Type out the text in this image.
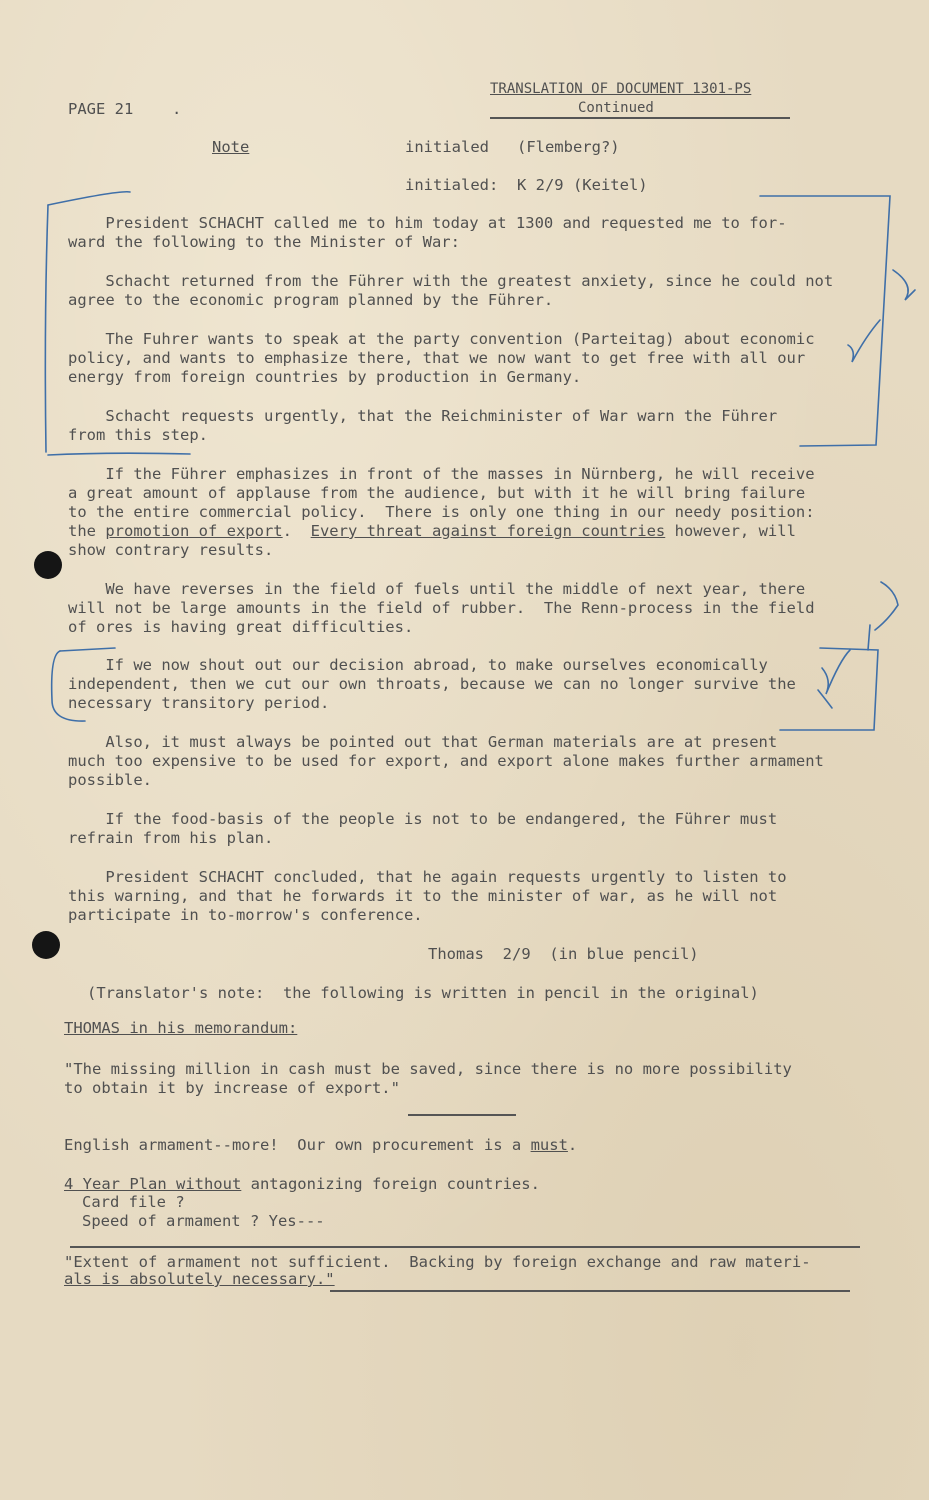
PAGE 21 .
TRANSLATION OF DOCUMENT 1301-PS
Continued
Note	initialed   (Flemberg?)
initialed:  K 2/9 (Keitel)
President SCHACHT called me to him today at 1300 and requested me to for-
ward the following to the Minister of War:
Schacht returned from the Führer with the greatest anxiety, since he could not
agree to the economic program planned by the Führer.
The Fuhrer wants to speak at the party convention (Parteitag) about economic
policy, and wants to emphasize there, that we now want to get free with all our
energy from foreign countries by production in Germany.
Schacht requests urgently, that the Reichminister of War warn the Führer
from this step.
If the Führer emphasizes in front of the masses in Nürnberg, he will receive
a great amount of applause from the audience, but with it he will bring failure
to the entire commercial policy.  There is only one thing in our needy position:
the promotion of export.  Every threat against foreign countries however, will
show contrary results.
We have reverses in the field of fuels until the middle of next year, there
will not be large amounts in the field of rubber.  The Renn-process in the field
of ores is having great difficulties.
If we now shout out our decision abroad, to make ourselves economically
independent, then we cut our own throats, because we can no longer survive the
necessary transitory period.
Also, it must always be pointed out that German materials are at present
much too expensive to be used for export, and export alone makes further armament
possible.
If the food-basis of the people is not to be endangered, the Führer must
refrain from his plan.
President SCHACHT concluded, that he again requests urgently to listen to
this warning, and that he forwards it to the minister of war, as he will not
participate in to-morrow's conference.
Thomas  2/9  (in blue pencil)
(Translator's note:  the following is written in pencil in the original)
THOMAS in his memorandum:
"The missing million in cash must be saved, since there is no more possibility
to obtain it by increase of export."
English armament--more!  Our own procurement is a must.
4 Year Plan without antagonizing foreign countries.
Card file ?
Speed of armament ? Yes---
"Extent of armament not sufficient.  Backing by foreign exchange and raw materi-
als is absolutely necessary."
